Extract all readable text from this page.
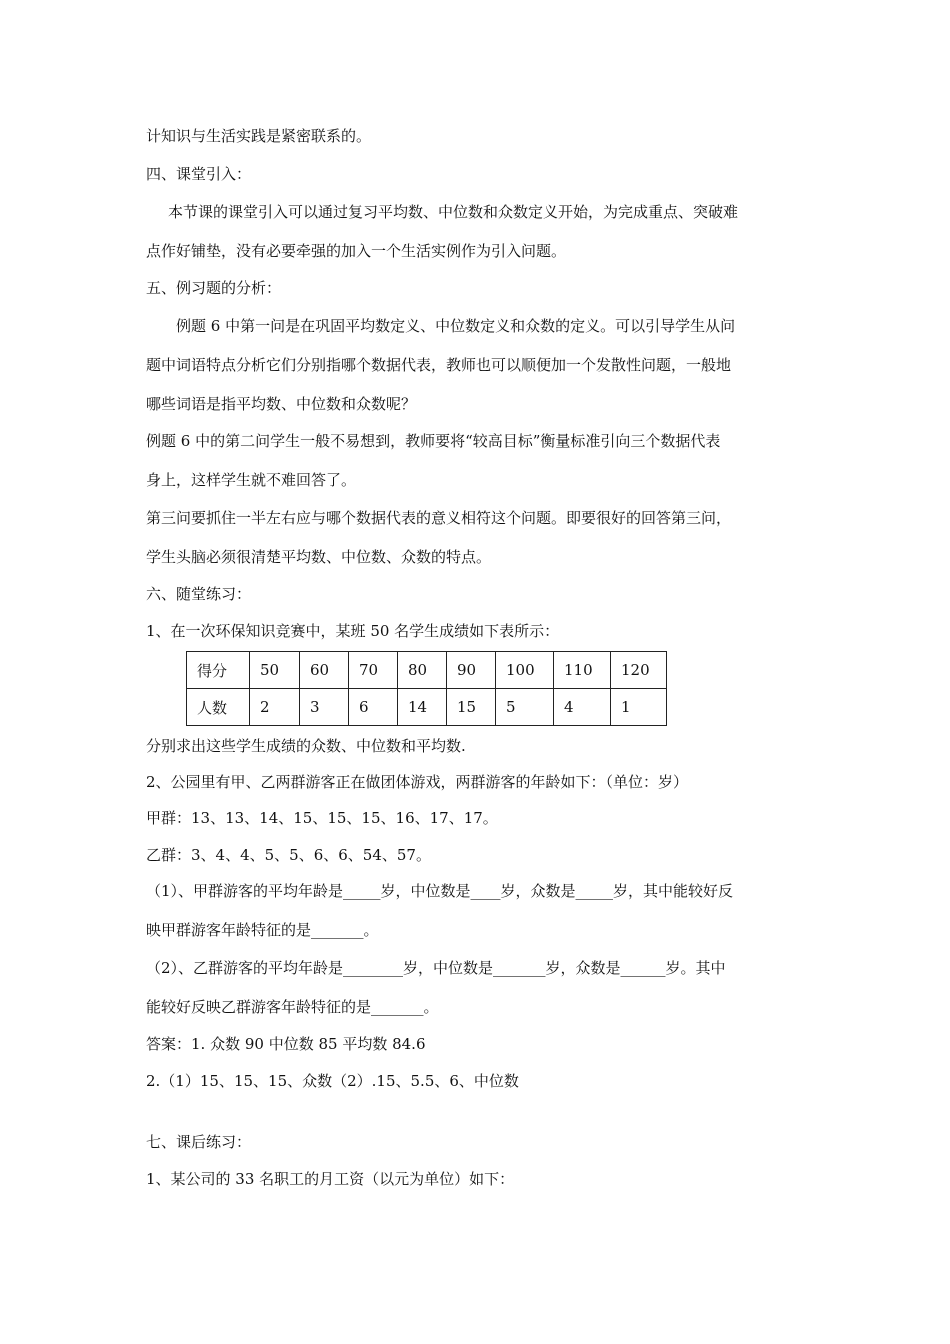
计知识与生活实践是紧密联系的。
四、课堂引入：
本节课的课堂引入可以通过复习平均数、中位数和众数定义开始，为完成重点、突破难
点作好铺垫，没有必要牵强的加入一个生活实例作为引入问题。
五、例习题的分析：
例题 6 中第一问是在巩固平均数定义、中位数定义和众数的定义。可以引导学生从问
题中词语特点分析它们分别指哪个数据代表，教师也可以顺便加一个发散性问题，一般地
哪些词语是指平均数、中位数和众数呢？
例题 6 中的第二问学生一般不易想到，教师要将“较高目标”衡量标准引向三个数据代表
身上，这样学生就不难回答了。
第三问要抓住一半左右应与哪个数据代表的意义相符这个问题。即要很好的回答第三问，
学生头脑必须很清楚平均数、中位数、众数的特点。
六、随堂练习：
1、在一次环保知识竞赛中，某班 50 名学生成绩如下表所示：
得分	50	60	70	80	90	100	110	120
人数	2	3	6	14	15	5	4	1
分别求出这些学生成绩的众数、中位数和平均数.
2、公园里有甲、乙两群游客正在做团体游戏，两群游客的年龄如下：（单位：岁）
甲群：13、13、14、15、15、15、16、17、17。
乙群：3、4、4、5、5、6、6、54、57。
（1）、甲群游客的平均年龄是_____岁，中位数是____岁，众数是_____岁，其中能较好反
映甲群游客年龄特征的是_______。
（2）、乙群游客的平均年龄是________岁，中位数是_______岁，众数是______岁。其中
能较好反映乙群游客年龄特征的是_______。
答案：1. 众数 90 中位数 85 平均数 84.6
2.（1）15、15、15、众数（2）.15、5.5、6、中位数
七、课后练习：
1、某公司的 33 名职工的月工资（以元为单位）如下：
